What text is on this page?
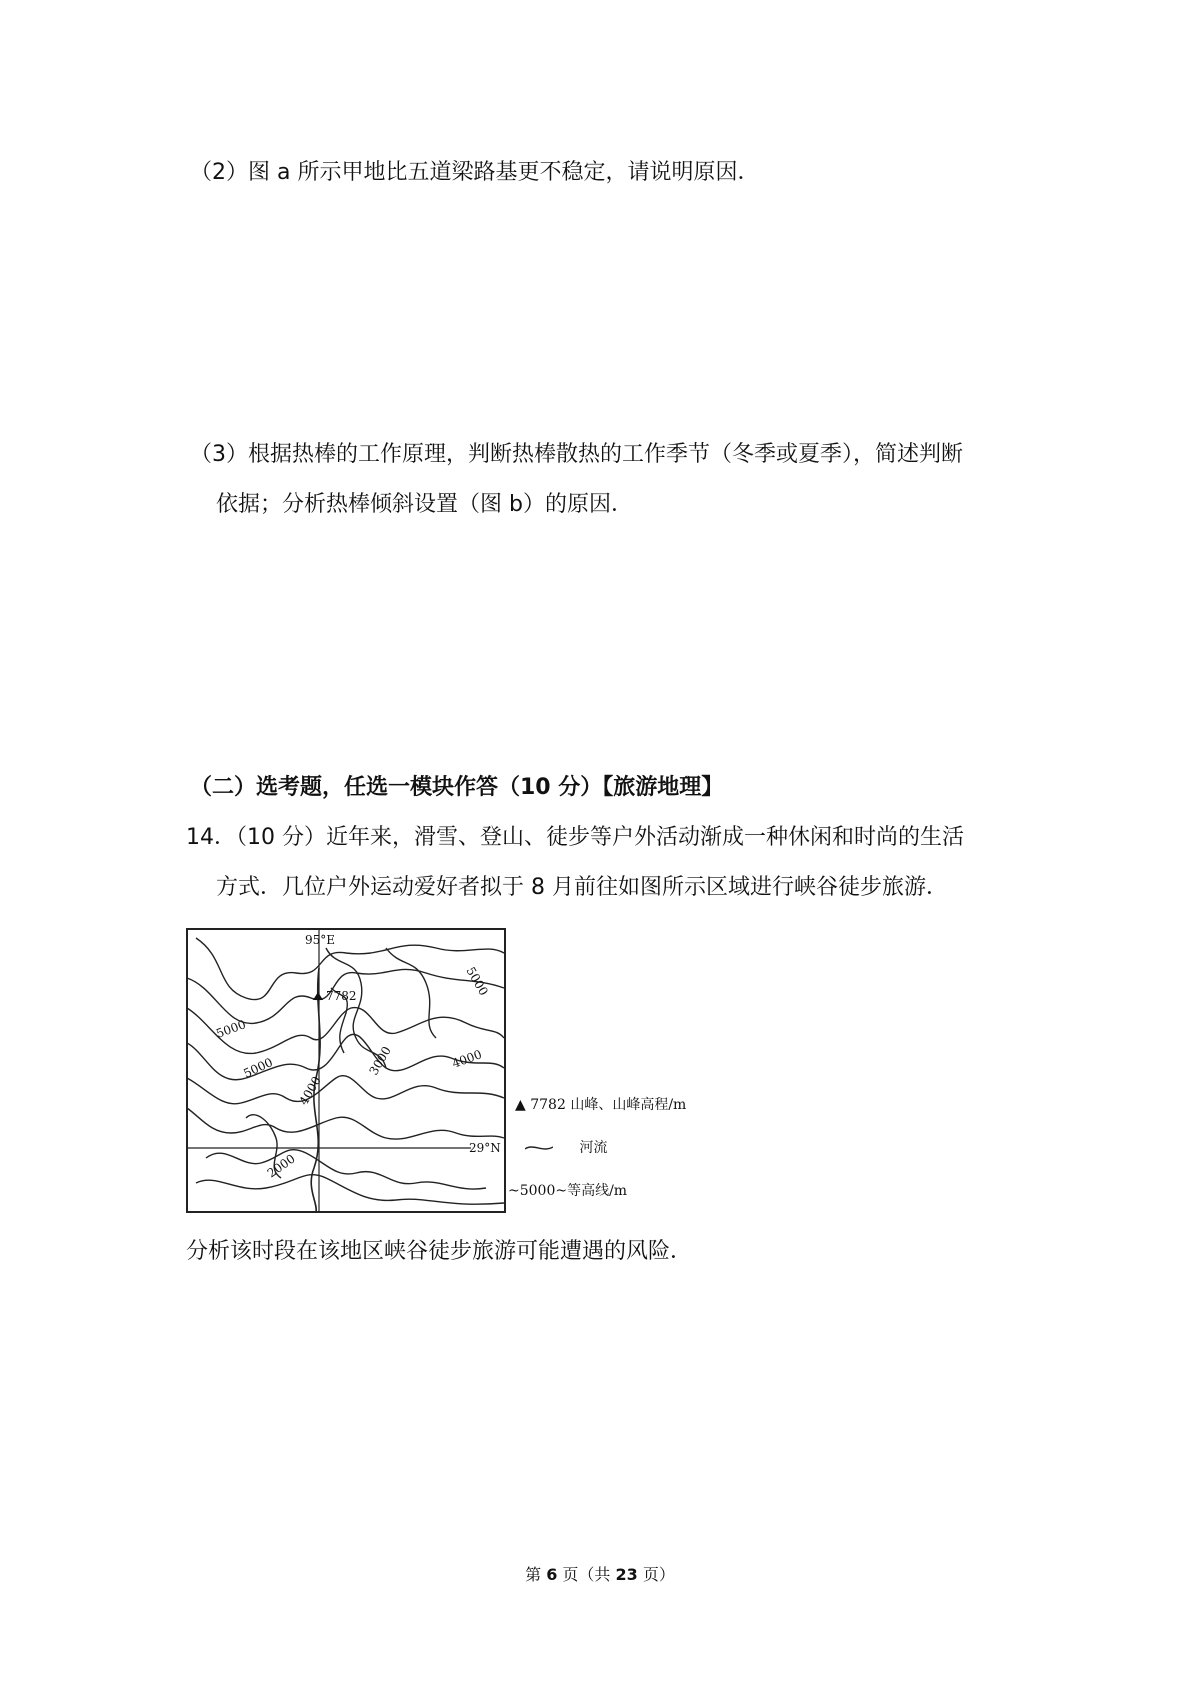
（2）图 a 所示甲地比五道梁路基更不稳定，请说明原因．
（3）根据热棒的工作原理，判断热棒散热的工作季节（冬季或夏季），简述判断
依据；分析热棒倾斜设置（图 b）的原因．
（二）选考题，任选一模块作答（10 分）【旅游地理】
14．（10 分）近年来，滑雪、登山、徒步等户外活动渐成一种休闲和时尚的生活
方式．几位户外运动爱好者拟于 8 月前往如图所示区域进行峡谷徒步旅游．
7782
95°E
29°N
5000
5000
5000	4000
4000
3000
2000
▲ 7782 山峰、山峰高程/m
河流
~5000~等高线/m
分析该时段在该地区峡谷徒步旅游可能遭遇的风险．
第 6 页（共 23 页）
